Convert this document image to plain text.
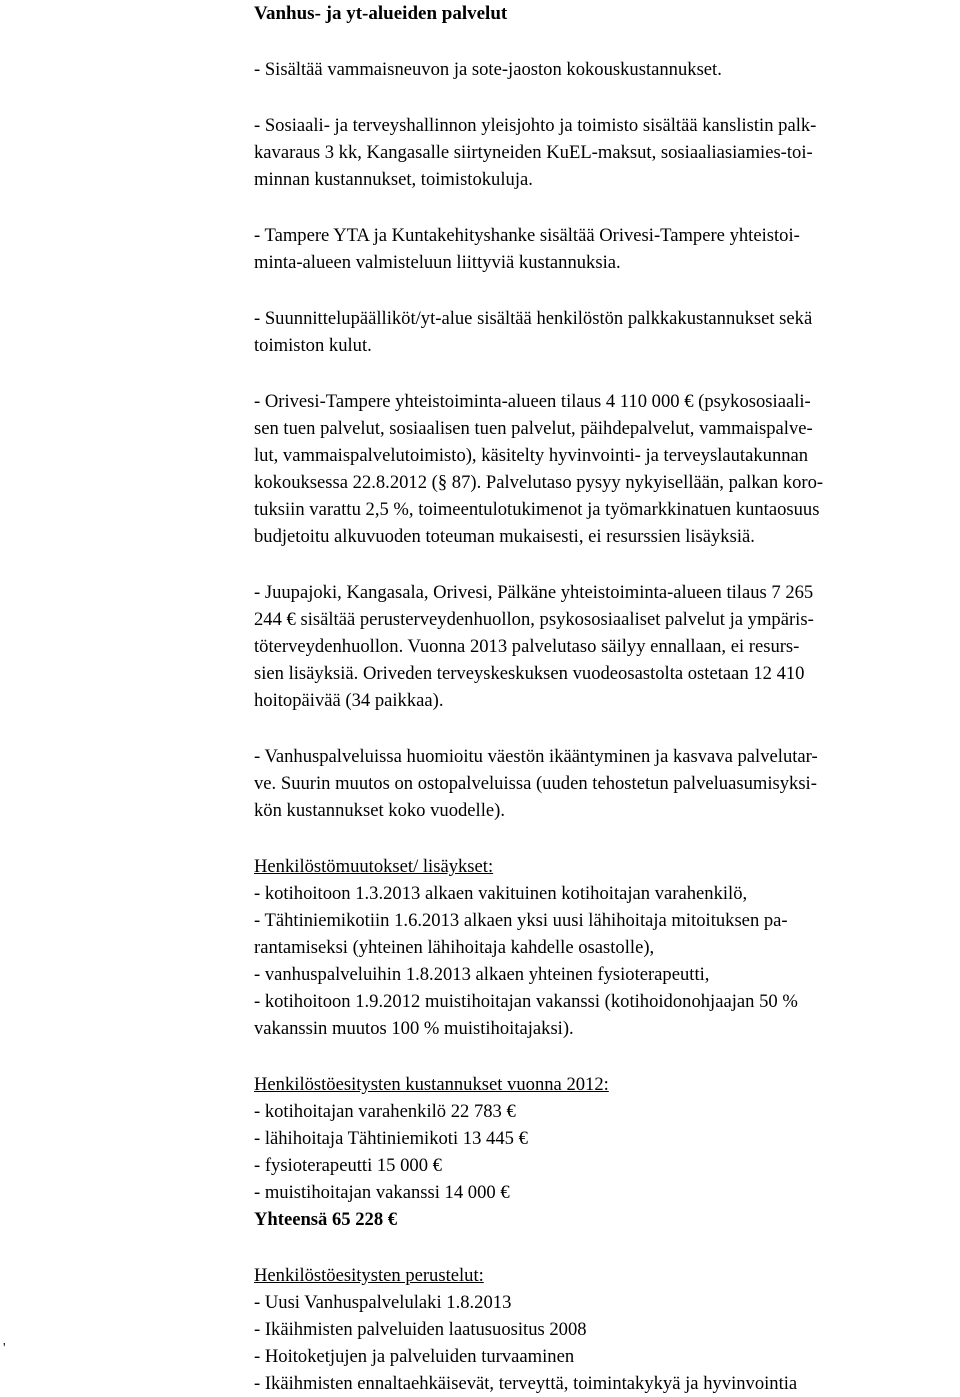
Vanhus- ja yt-alueiden palvelut
- Sisältää vammaisneuvon ja sote-jaoston kokouskustannukset.
- Sosiaali- ja terveyshallinnon yleisjohto ja toimisto sisältää kanslistin palk-
kavaraus 3 kk, Kangasalle siirtyneiden KuEL-maksut, sosiaaliasiamies-toi-
minnan kustannukset, toimistokuluja.
- Tampere YTA ja Kuntakehityshanke sisältää Orivesi-Tampere yhteistoi-
minta-alueen valmisteluun liittyviä kustannuksia.
- Suunnittelupäälliköt/yt-alue sisältää henkilöstön palkkakustannukset sekä
toimiston kulut.
- Orivesi-Tampere yhteistoiminta-alueen tilaus 4 110 000 € (psykososiaali-
sen tuen palvelut, sosiaalisen tuen palvelut, päihdepalvelut, vammaispalve-
lut, vammaispalvelutoimisto), käsitelty hyvinvointi- ja terveyslautakunnan
kokouksessa 22.8.2012 (§ 87). Palvelutaso pysyy nykyisellään, palkan koro-
tuksiin varattu 2,5 %, toimeentulotukimenot ja työmarkkinatuen kuntaosuus
budjetoitu alkuvuoden toteuman mukaisesti, ei resurssien lisäyksiä.
- Juupajoki, Kangasala, Orivesi, Pälkäne yhteistoiminta-alueen tilaus 7 265
244 € sisältää perusterveydenhuollon, psykososiaaliset palvelut ja ympäris-
töterveydenhuollon. Vuonna 2013 palvelutaso säilyy ennallaan, ei resurs-
sien lisäyksiä. Oriveden terveyskeskuksen vuodeosastolta ostetaan 12 410
hoitopäivää (34 paikkaa).
- Vanhuspalveluissa huomioitu väestön ikääntyminen ja kasvava palvelutar-
ve. Suurin muutos on ostopalveluissa (uuden tehostetun palveluasumisyksi-
kön kustannukset koko vuodelle).
Henkilöstömuutokset/ lisäykset:
- kotihoitoon 1.3.2013 alkaen vakituinen kotihoitajan varahenkilö,
- Tähtiniemikotiin 1.6.2013 alkaen yksi uusi lähihoitaja mitoituksen pa-
rantamiseksi (yhteinen lähihoitaja kahdelle osastolle),
- vanhuspalveluihin 1.8.2013 alkaen yhteinen fysioterapeutti,
- kotihoitoon 1.9.2012 muistihoitajan vakanssi (kotihoidonohjaajan 50 %
vakanssin muutos 100 % muistihoitajaksi).
Henkilöstöesitysten kustannukset vuonna 2012:
- kotihoitajan varahenkilö 22 783 €
- lähihoitaja Tähtiniemikoti 13 445 €
- fysioterapeutti 15 000 €
- muistihoitajan vakanssi 14 000 €
Yhteensä 65 228 €
Henkilöstöesitysten perustelut:
- Uusi Vanhuspalvelulaki 1.8.2013
- Ikäihmisten palveluiden laatusuositus 2008
- Hoitoketjujen ja palveluiden turvaaminen
- Ikäihmisten ennaltaehkäisevät, terveyttä, toimintakykyä ja hyvinvointia
'
